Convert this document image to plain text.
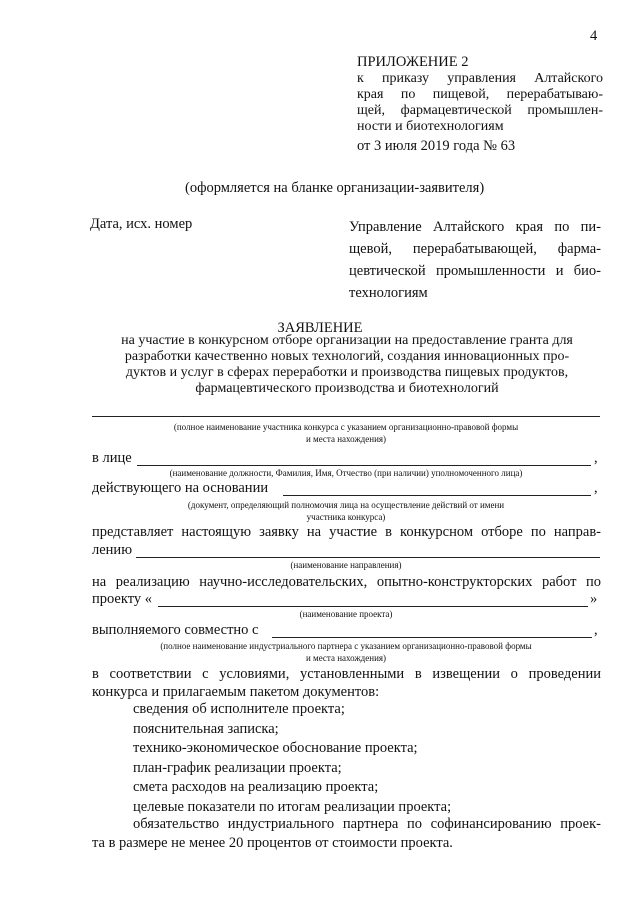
4
ПРИЛОЖЕНИЕ 2
к приказу управления Алтайского
края по пищевой, перерабатываю-
щей, фармацевтической промышлен-
ности и биотехнологиям
от 3 июля 2019 года № 63
(оформляется на бланке организации-заявителя)
Дата, исх. номер	Управление Алтайского края по пи-
щевой, перерабатывающей, фарма-
цевтической промышленности и био-
технологиям
ЗАЯВЛЕНИЕ
на участие в конкурсном отборе организации на предоставление гранта для
разработки качественно новых технологий, создания инновационных про-
дуктов и услуг в сферах переработки и производства пищевых продуктов,
фармацевтического производства и биотехнологий
(полное наименование участника конкурса с указанием организационно-правовой формы
и места нахождения)
в лице	,
(наименование должности, Фамилия, Имя, Отчество (при наличии) уполномоченного лица)
действующего на основании	,
(документ, определяющий полномочия лица на осуществление действий от имени
участника конкурса)
представляет настоящую заявку на участие в конкурсном отборе по направ-
лению
(наименование направления)
на реализацию научно-исследовательских, опытно-конструкторских работ по
проекту «	»
(наименование проекта)
выполняемого совместно с	,
(полное наименование индустриального партнера с указанием организационно-правовой формы
и места нахождения)
в соответствии с условиями, установленными в извещении о проведении
конкурса и прилагаемым пакетом документов:
сведения об исполнителе проекта;
пояснительная записка;
технико-экономическое обоснование проекта;
план-график реализации проекта;
смета расходов на реализацию проекта;
целевые показатели по итогам реализации проекта;
обязательство индустриального партнера по софинансированию проек-
та в размере не менее 20 процентов от стоимости проекта.
